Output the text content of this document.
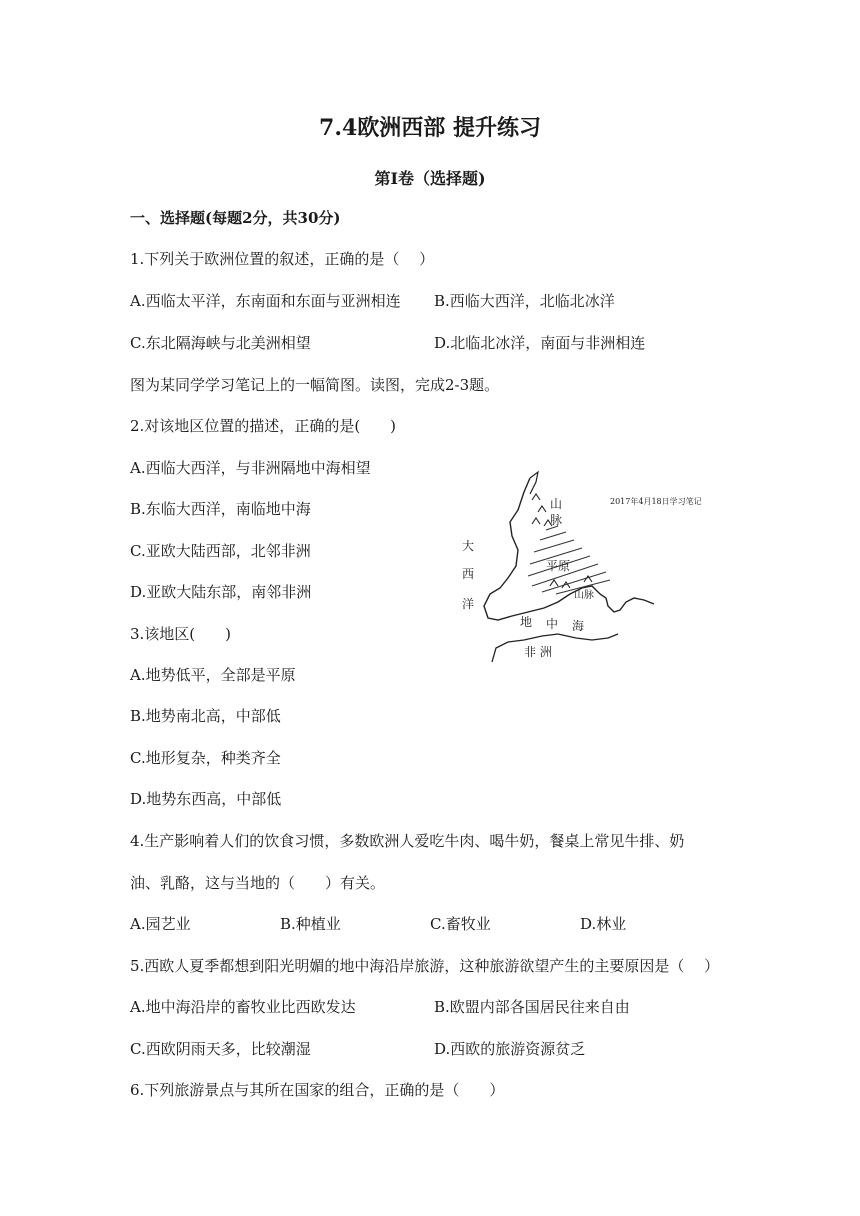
7.4欧洲西部 提升练习
第I卷（选择题)
一、选择题(每题2分，共30分)
1.下列关于欧洲位置的叙述，正确的是（　 ）
A.西临太平洋，东南面和东面与亚洲相连 B.西临大西洋，北临北冰洋
C.东北隔海峡与北美洲相望	D.北临北冰洋，南面与非洲相连
图为某同学学习笔记上的一幅简图。读图，完成2-3题。
2.对该地区位置的描述，正确的是(　　)
A.西临大西洋，与非洲隔地中海相望
B.东临大西洋，南临地中海
C.亚欧大陆西部，北邻非洲
D.亚欧大陆东部，南邻非洲
3.该地区(　　)
A.地势低平，全部是平原
B.地势南北高，中部低
C.地形复杂，种类齐全
D.地势东西高，中部低
4.生产影响着人们的饮食习惯，多数欧洲人爱吃牛肉、喝牛奶，餐桌上常见牛排、奶
油、乳酪，这与当地的（　　）有关。
A.园艺业	B.种植业	C.畜牧业	D.林业
5.西欧人夏季都想到阳光明媚的地中海沿岸旅游，这种旅游欲望产生的主要原因是（　 ）
A.地中海沿岸的畜牧业比西欧发达	B.欧盟内部各国居民往来自由
C.西欧阴雨天多，比较潮湿	D.西欧的旅游资源贫乏
6.下列旅游景点与其所在国家的组合，正确的是（　　）
2017年4月18日学习笔记
大
西
洋
山
脉
平原
山脉
地 中 海
非 洲
